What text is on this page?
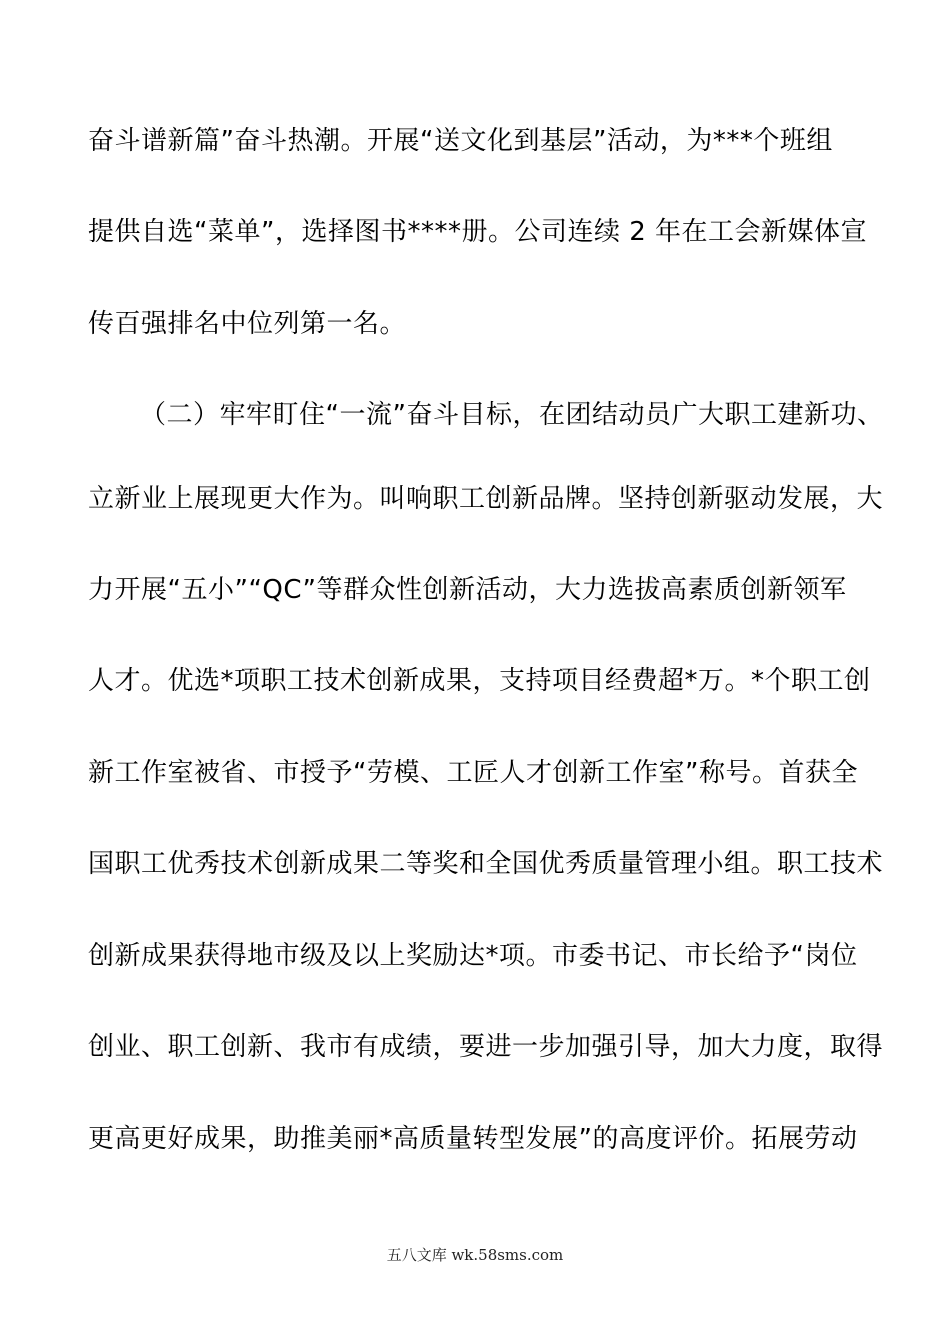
奋斗谱新篇”奋斗热潮。开展“送文化到基层”活动，为***个班组
提供自选“菜单”，选择图书****册。公司连续 2 年在工会新媒体宣
传百强排名中位列第一名。
（二）牢牢盯住“一流”奋斗目标，在团结动员广大职工建新功、
立新业上展现更大作为。叫响职工创新品牌。坚持创新驱动发展，大
力开展“五小”“QC”等群众性创新活动，大力选拔高素质创新领军
人才。优选*项职工技术创新成果，支持项目经费超*万。*个职工创
新工作室被省、市授予“劳模、工匠人才创新工作室”称号。首获全
国职工优秀技术创新成果二等奖和全国优秀质量管理小组。职工技术
创新成果获得地市级及以上奖励达*项。市委书记、市长给予“岗位
创业、职工创新、我市有成绩，要进一步加强引导，加大力度，取得
更高更好成果，助推美丽*高质量转型发展”的高度评价。拓展劳动
五八文库 wk.58sms.com
